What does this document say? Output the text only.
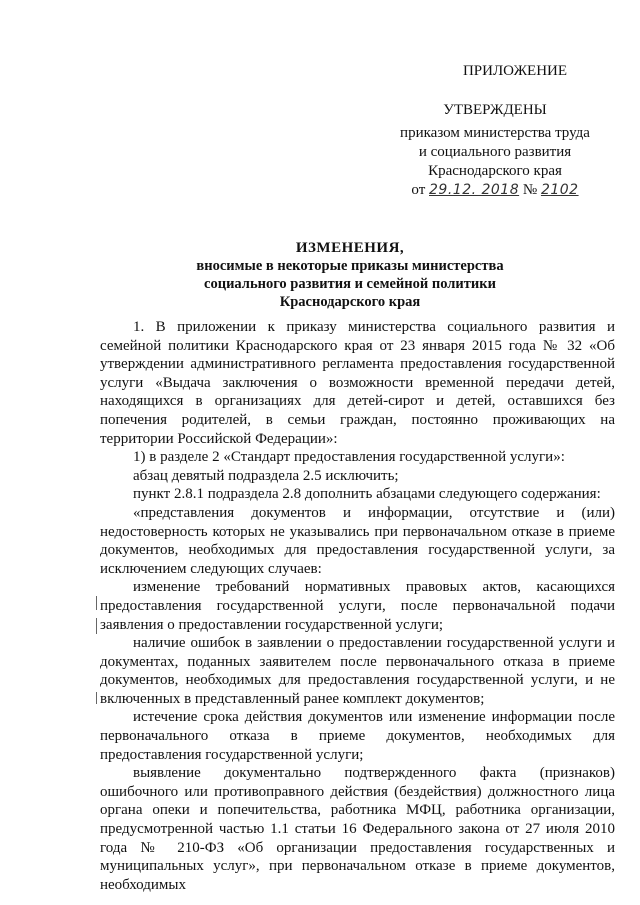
ПРИЛОЖЕНИЕ
УТВЕРЖДЕНЫ
приказом министерства труда
и социального развития
Краснодарского края
от 29.12. 2018 № 2102
ИЗМЕНЕНИЯ,
вносимые в некоторые приказы министерства
социального развития и семейной политики
Краснодарского края

1. В приложении к приказу министерства социального развития и семейной политики Краснодарского края от 23 января 2015 года № 32 «Об утверждении административного регламента предоставления государственной услуги «Выдача заключения о возможности временной передачи детей, находящихся в организациях для детей-сирот и детей, оставшихся без попечения родителей, в семьи граждан, постоянно проживающих на территории Российской Федерации»:

1) в разделе 2 «Стандарт предоставления государственной услуги»:

абзац девятый подраздела 2.5 исключить;

пункт 2.8.1 подраздела 2.8 дополнить абзацами следующего содержания:

«представления документов и информации, отсутствие и (или) недостоверность которых не указывались при первоначальном отказе в приеме документов, необходимых для предоставления государственной услуги, за исключением следующих случаев:

изменение требований нормативных правовых актов, касающихся предоставления государственной услуги, после первоначальной подачи заявления о предоставлении государственной услуги;

наличие ошибок в заявлении о предоставлении государственной услуги и документах, поданных заявителем после первоначального отказа в приеме документов, необходимых для предоставления государственной услуги, и не включенных в представленный ранее комплект документов;

истечение срока действия документов или изменение информации после первоначального отказа в приеме документов, необходимых для предоставления государственной услуги;

выявление документально подтвержденного факта (признаков) ошибочного или противоправного действия (бездействия) должностного лица органа опеки и попечительства, работника МФЦ, работника организации, предусмотренной частью 1.1 статьи 16 Федерального закона от 27 июля 2010 года № 210-ФЗ «Об организации предоставления государственных и муниципальных услуг», при первоначальном отказе в приеме документов, необходимых
